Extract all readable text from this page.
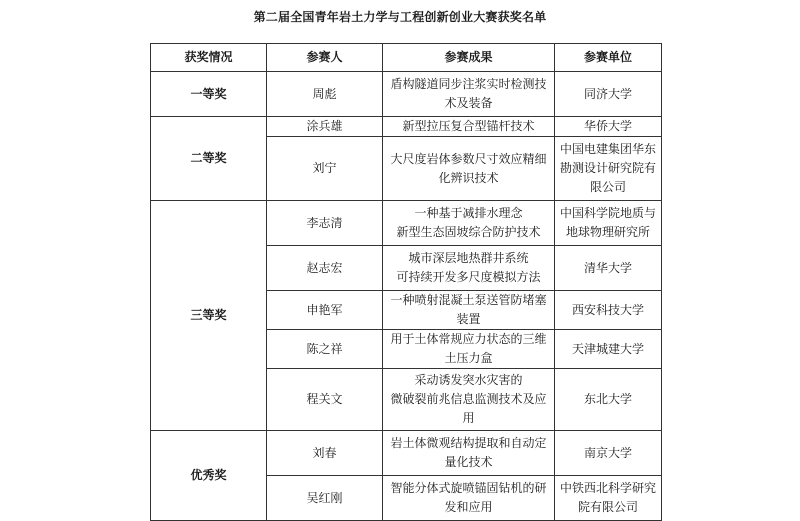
第二届全国青年岩土力学与工程创新创业大赛获奖名单
获奖情况	参赛人	参赛成果	参赛单位
一等奖	周彪	盾构隧道同步注浆实时检测技
术及装备	同济大学

二等奖	涂兵雄	新型拉压复合型锚杆技术	华侨大学

	刘宁	大尺度岩体参数尺寸效应精细
化辨识技术	中国电建集团华东
勘测设计研究院有
限公司

三等奖	李志清	一种基于减排水理念
新型生态固坡综合防护技术	中国科学院地质与
地球物理研究所

	赵志宏	城市深层地热群井系统
可持续开发多尺度模拟方法	清华大学

	申艳军	一种喷射混凝土泵送管防堵塞
装置	西安科技大学

	陈之祥	用于土体常规应力状态的三维
土压力盒	天津城建大学

	程关文	采动诱发突水灾害的
微破裂前兆信息监测技术及应
用	东北大学

优秀奖	刘春	岩土体微观结构提取和自动定
量化技术	南京大学

	吴红刚	智能分体式旋喷锚固钻机的研
发和应用	中铁西北科学研究
院有限公司
